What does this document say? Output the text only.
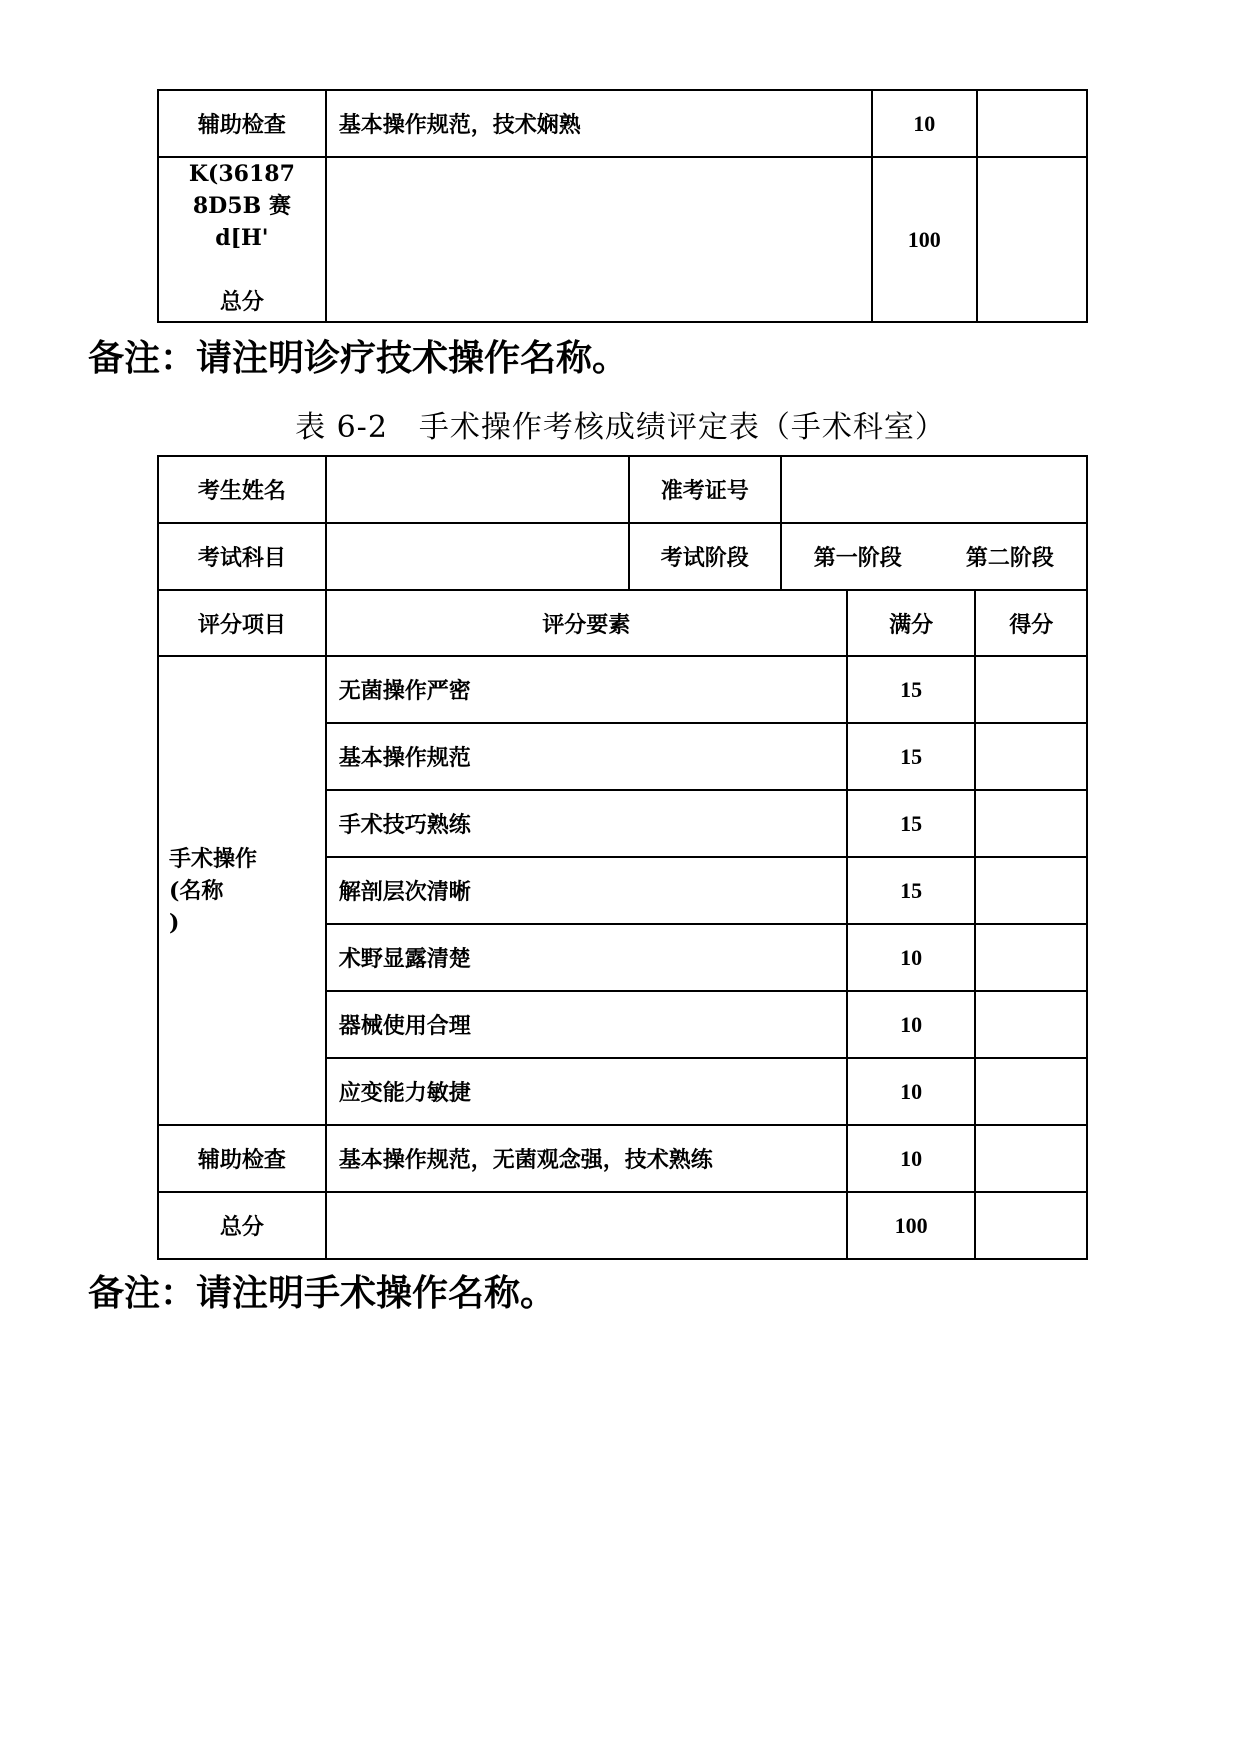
辅助检查	基本操作规范，技术娴熟	10	

K(36187
8D5B 赛
d[H'
总分		100	
备注：请注明诊疗技术操作名称。
表 6-2　手术操作考核成绩评定表（手术科室）
考生姓名		准考证号			
考试科目		考试阶段	第一阶段 第二阶段		
评分项目	评分要素			满分	得分

手术操作
(名称
)	无菌操作严密			15	
	基本操作规范			15	
	手术技巧熟练			15	
	解剖层次清晰			15	
	术野显露清楚			10	
	器械使用合理			10	
	应变能力敏捷			10	
辅助检查	基本操作规范，无菌观念强，技术熟练			10	
总分				100	
备注：请注明手术操作名称。
